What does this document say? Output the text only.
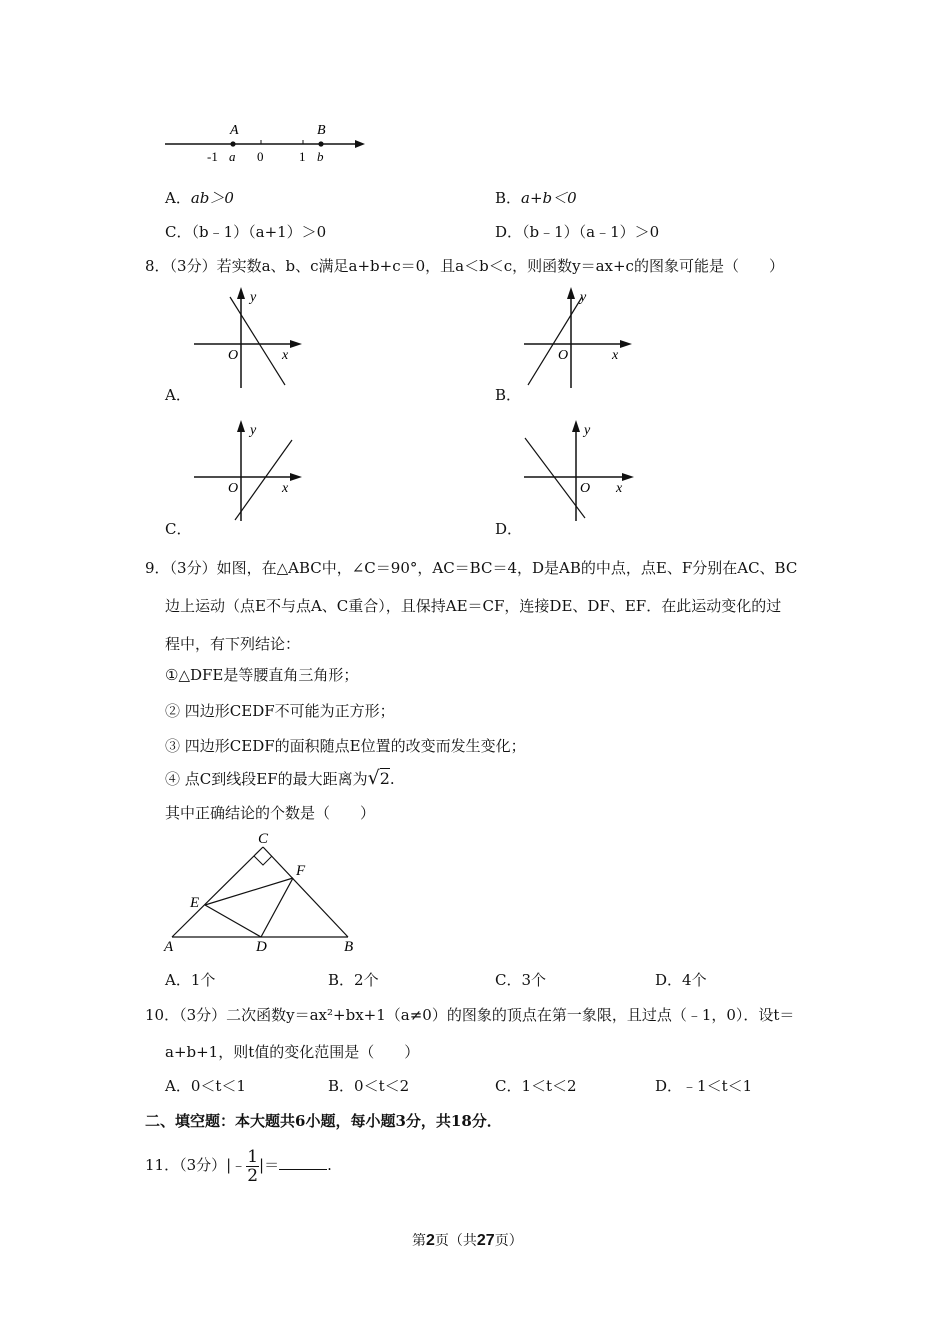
A	B
-1 a 0	1 b
A．ab＞0	B．a+b＜0
C．（b﹣1）（a+1）＞0	D．（b﹣1）（a﹣1）＞0
8．（3分）若实数a、b、c满足a+b+c＝0，且a＜b＜c，则函数y＝ax+c的图象可能是（　　）
y
O	x
A．
y
O	x
B．
y
O	x
C．
y
O x
D．
9．（3分）如图，在△ABC中，∠C＝90°，AC＝BC＝4，D是AB的中点，点E、F分别在AC、BC
边上运动（点E不与点A、C重合），且保持AE＝CF，连接DE、DF、EF．在此运动变化的过
程中，有下列结论：
①△DFE是等腰直角三角形；
② 四边形CEDF不可能为正方形；
③ 四边形CEDF的面积随点E位置的改变而发生变化；
④ 点C到线段EF的最大距离为√2.
其中正确结论的个数是（　　）
C
F
E
A	D	B
A．1个	B．2个	C．3个	D．4个
10．（3分）二次函数y＝ax²+bx+1（a≠0）的图象的顶点在第一象限，且过点（﹣1，0）．设t＝
a+b+1，则t值的变化范围是（　　）
A．0＜t＜1	B．0＜t＜2	C．1＜t＜2	D．﹣1＜t＜1
二、填空题：本大题共6小题，每小题3分，共18分．
11．（3分）|﹣ $\frac{1}{2}$ |＝	.
第2页（共27页）
